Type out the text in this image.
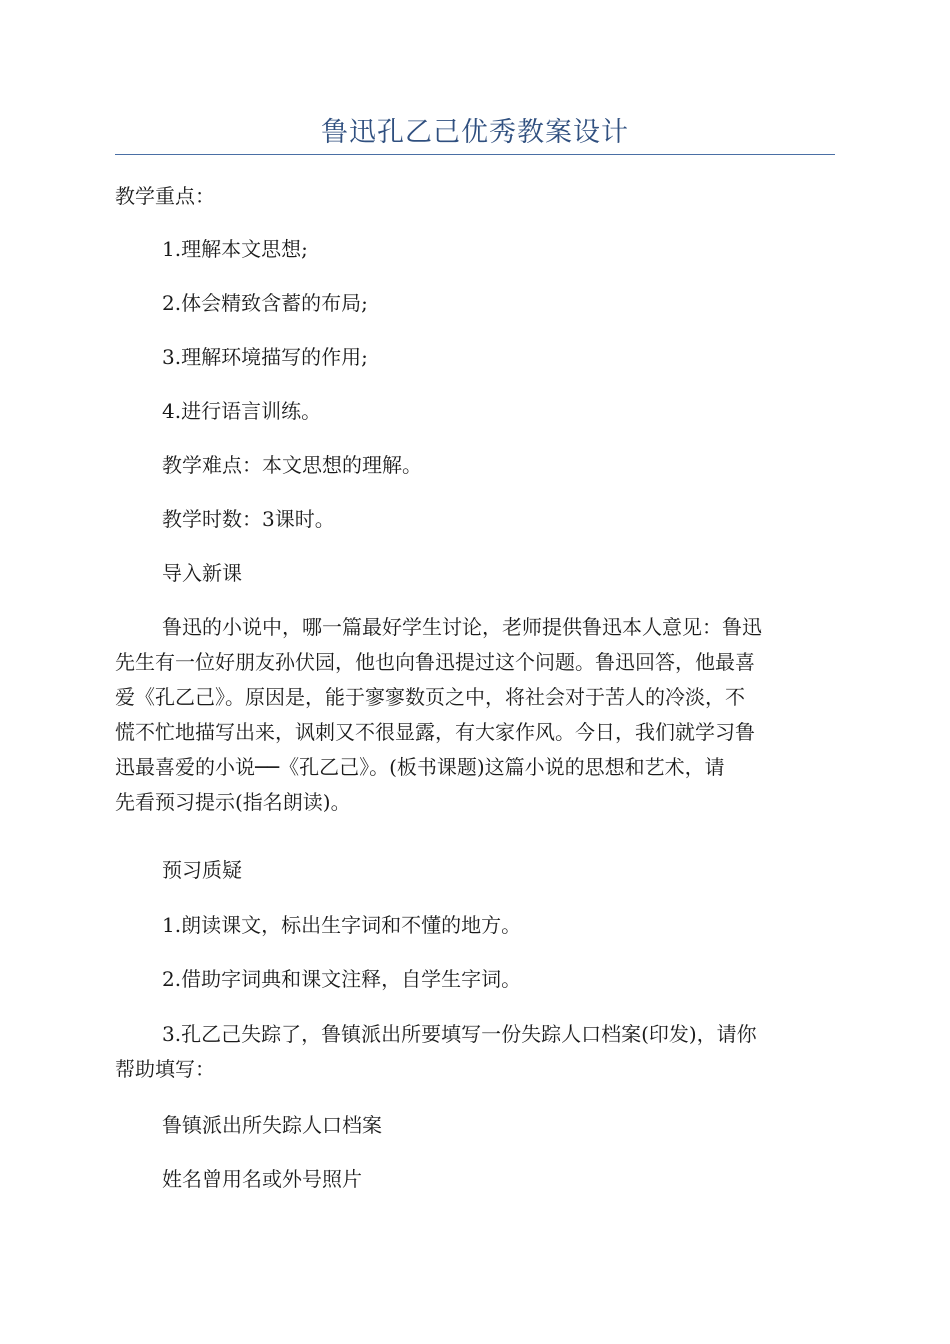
鲁迅孔乙己优秀教案设计

教学重点：

1.理解本文思想;

2.体会精致含蓄的布局;

3.理解环境描写的作用;

4.进行语言训练。

教学难点：本文思想的理解。

教学时数：3课时。

导入新课

鲁迅的小说中，哪一篇最好学生讨论，老师提供鲁迅本人意见：鲁迅
先生有一位好朋友孙伏园，他也向鲁迅提过这个问题。鲁迅回答，他最喜
爱《孔乙己》。原因是，能于寥寥数页之中，将社会对于苦人的冷淡，不
慌不忙地描写出来，讽刺又不很显露，有大家作风。今日，我们就学习鲁
迅最喜爱的小说──《孔乙己》。(板书课题)这篇小说的思想和艺术，请
先看预习提示(指名朗读)。

预习质疑

1.朗读课文，标出生字词和不懂的地方。

2.借助字词典和课文注释，自学生字词。

3.孔乙己失踪了，鲁镇派出所要填写一份失踪人口档案(印发)，请你
帮助填写：

鲁镇派出所失踪人口档案

姓名曾用名或外号照片
